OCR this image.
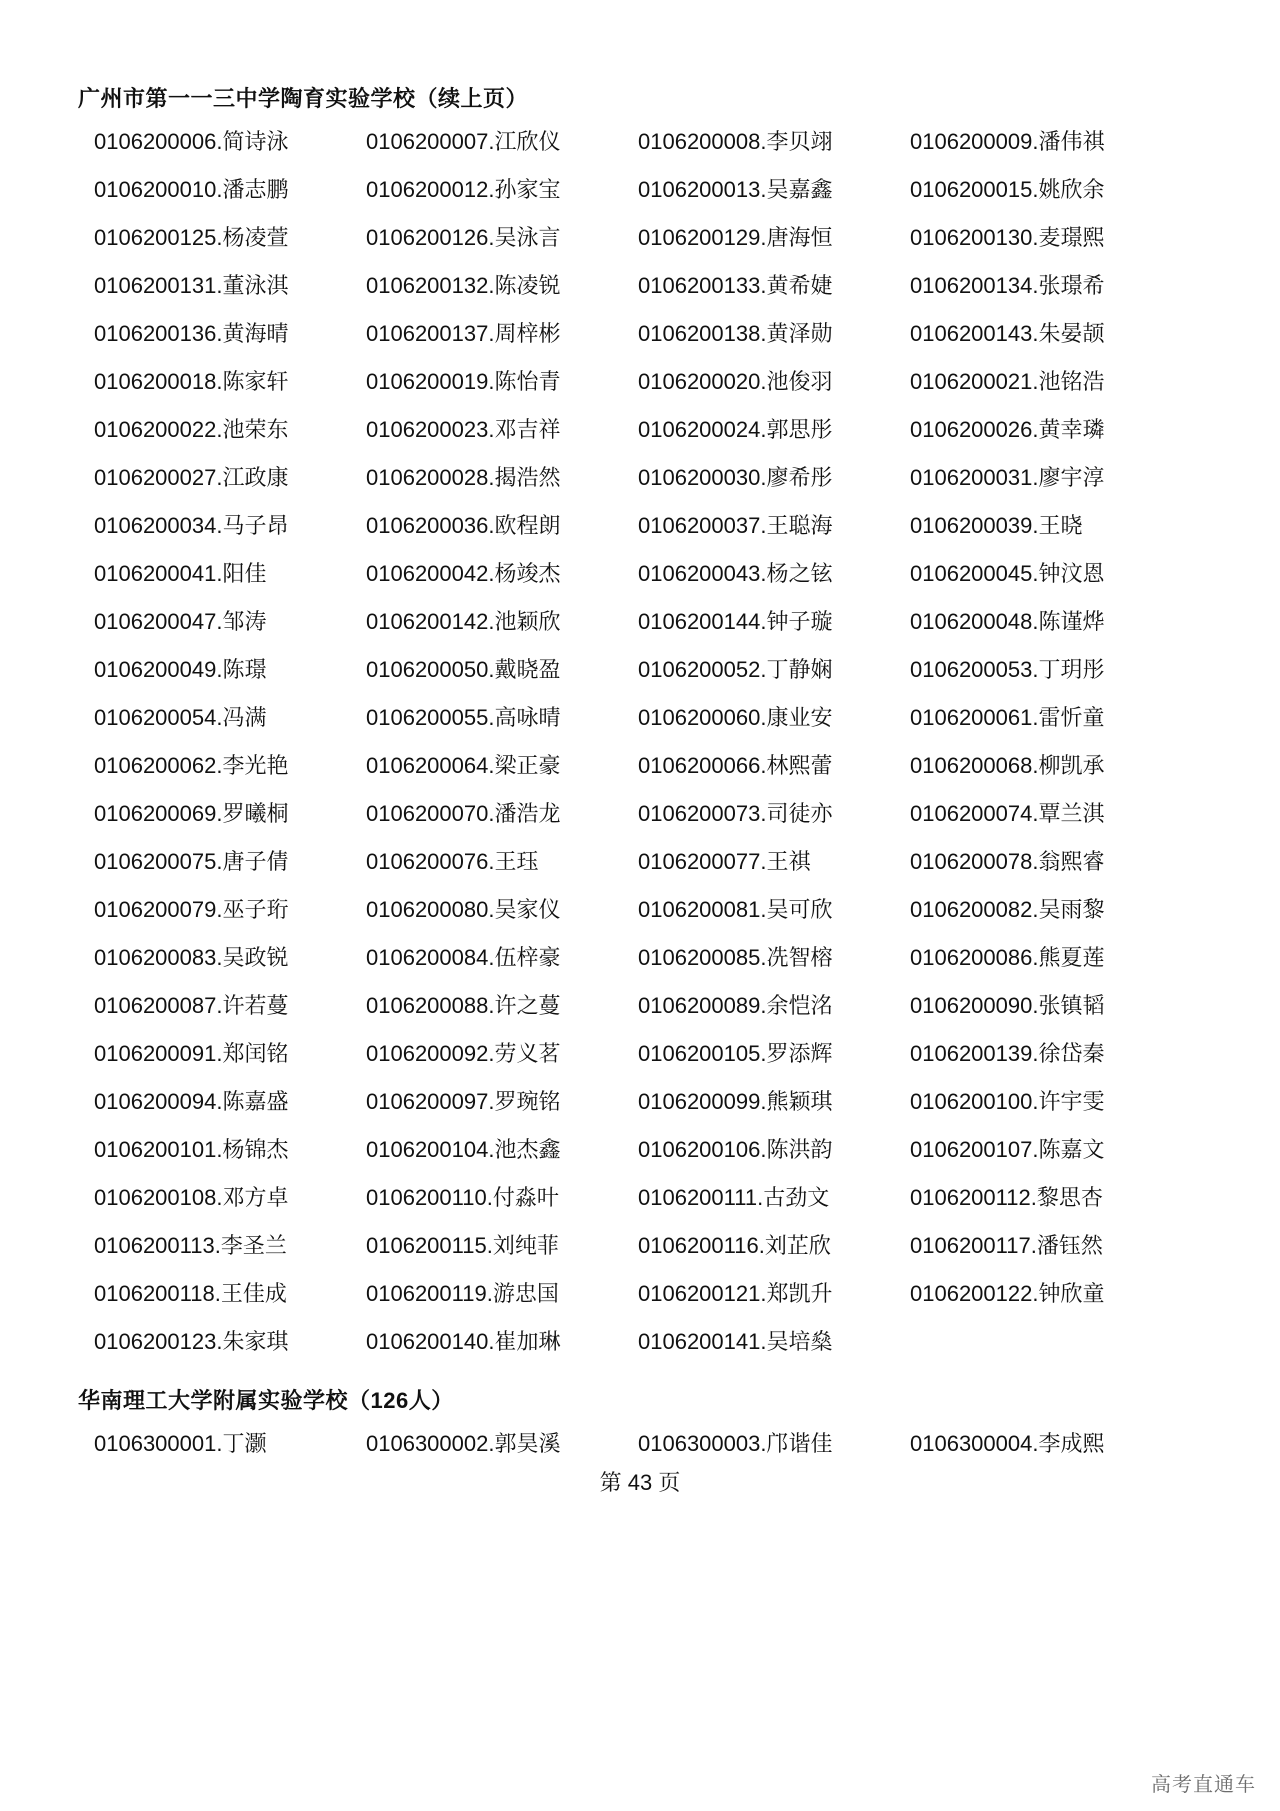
广州市第一一三中学陶育实验学校（续上页）
0106200006.简诗泳	0106200007.江欣仪	0106200008.李贝翊	0106200009.潘伟祺
0106200010.潘志鹏	0106200012.孙家宝	0106200013.吴嘉鑫	0106200015.姚欣余
0106200125.杨凌萱	0106200126.吴泳言	0106200129.唐海恒	0106200130.麦璟熙
0106200131.董泳淇	0106200132.陈凌锐	0106200133.黄希婕	0106200134.张璟希
0106200136.黄海晴	0106200137.周梓彬	0106200138.黄泽勋	0106200143.朱晏颉
0106200018.陈家轩	0106200019.陈怡青	0106200020.池俊羽	0106200021.池铭浩
0106200022.池荣东	0106200023.邓吉祥	0106200024.郭思彤	0106200026.黄幸璘
0106200027.江政康	0106200028.揭浩然	0106200030.廖希彤	0106200031.廖宇淳
0106200034.马子昂	0106200036.欧程朗	0106200037.王聪海	0106200039.王晓
0106200041.阳佳	0106200042.杨竣杰	0106200043.杨之铉	0106200045.钟汶恩
0106200047.邹涛	0106200142.池颖欣	0106200144.钟子璇	0106200048.陈谨烨
0106200049.陈璟	0106200050.戴晓盈	0106200052.丁静娴	0106200053.丁玥彤
0106200054.冯满	0106200055.高咏晴	0106200060.康业安	0106200061.雷忻童
0106200062.李光艳	0106200064.梁正豪	0106200066.林熙蕾	0106200068.柳凯承
0106200069.罗曦桐	0106200070.潘浩龙	0106200073.司徒亦	0106200074.覃兰淇
0106200075.唐子倩	0106200076.王珏	0106200077.王祺	0106200078.翁熙睿
0106200079.巫子珩	0106200080.吴家仪	0106200081.吴可欣	0106200082.吴雨黎
0106200083.吴政锐	0106200084.伍梓豪	0106200085.冼智榕	0106200086.熊夏莲
0106200087.许若蔓	0106200088.许之蔓	0106200089.余恺洺	0106200090.张镇韬
0106200091.郑闰铭	0106200092.劳义茗	0106200105.罗添辉	0106200139.徐岱秦
0106200094.陈嘉盛	0106200097.罗琬铭	0106200099.熊颖琪	0106200100.许宇雯
0106200101.杨锦杰	0106200104.池杰鑫	0106200106.陈洪韵	0106200107.陈嘉文
0106200108.邓方卓	0106200110.付淼叶	0106200111.古劲文	0106200112.黎思杏
0106200113.李圣兰	0106200115.刘纯菲	0106200116.刘芷欣	0106200117.潘钰然
0106200118.王佳成	0106200119.游忠国	0106200121.郑凯升	0106200122.钟欣童
0106200123.朱家琪	0106200140.崔加琳	0106200141.吴培燊
华南理工大学附属实验学校（126人）
0106300001.丁灏	0106300002.郭昊溪	0106300003.邝谐佳	0106300004.李成熙
第 43 页
高考直通车
